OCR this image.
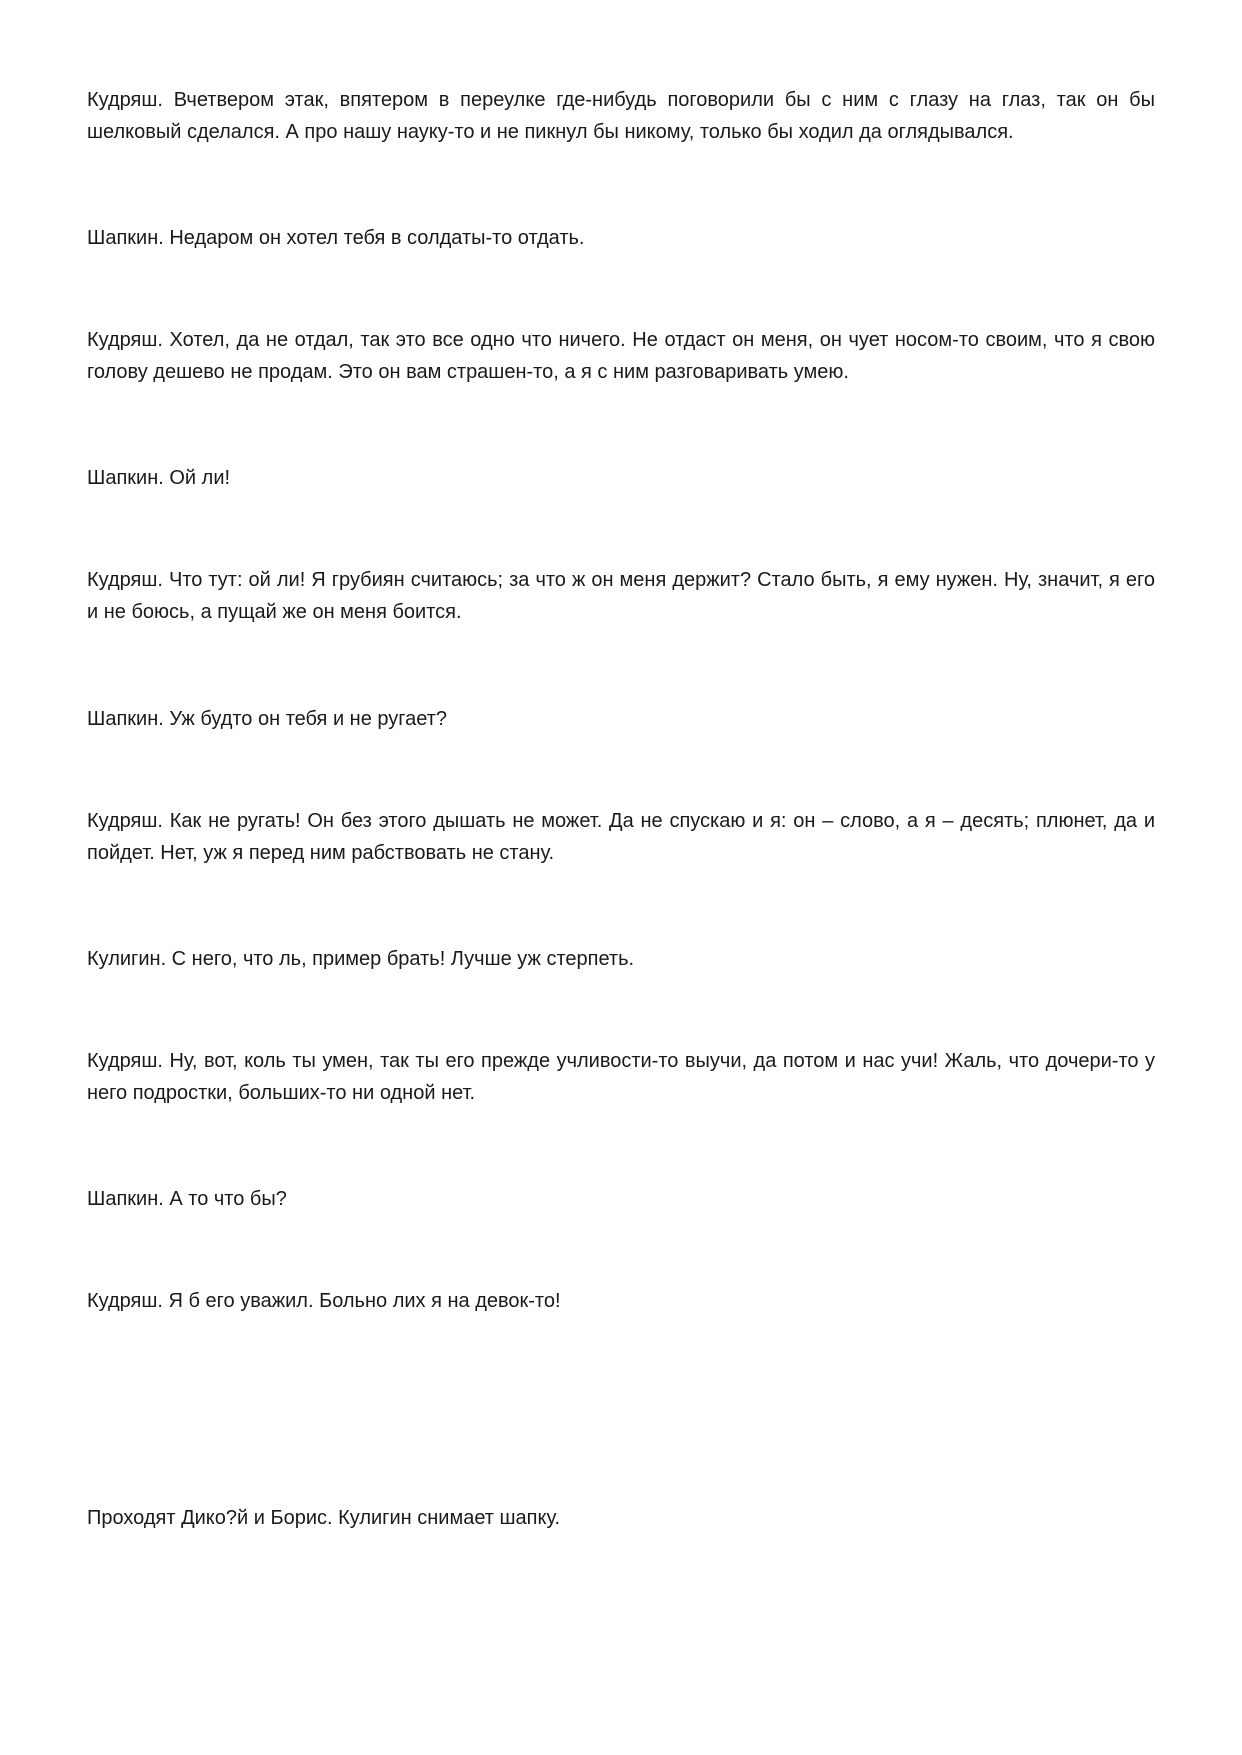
Кудряш. Вчетвером этак, впятером в переулке где-нибудь поговорили бы с ним с глазу на глаз, так он бы шелковый сделался. А про нашу науку-то и не пикнул бы никому, только бы ходил да оглядывался.

Шапкин. Недаром он хотел тебя в солдаты-то отдать.

Кудряш. Хотел, да не отдал, так это все одно что ничего. Не отдаст он меня, он чует носом-то своим, что я свою голову дешево не продам. Это он вам страшен-то, а я с ним разговаривать умею.

Шапкин. Ой ли!

Кудряш. Что тут: ой ли! Я грубиян считаюсь; за что ж он меня держит? Стало быть, я ему нужен. Ну, значит, я его и не боюсь, а пущай же он меня боится.

Шапкин. Уж будто он тебя и не ругает?

Кудряш. Как не ругать! Он без этого дышать не может. Да не спускаю и я: он – слово, а я – десять; плюнет, да и пойдет. Нет, уж я перед ним рабствовать не стану.

Кулигин. С него, что ль, пример брать! Лучше уж стерпеть.

Кудряш. Ну, вот, коль ты умен, так ты его прежде учливости-то выучи, да потом и нас учи! Жаль, что дочери-то у него подростки, больших-то ни одной нет.

Шапкин. А то что бы?

Кудряш. Я б его уважил. Больно лих я на девок-то!

Проходят Дико?й и Борис. Кулигин снимает шапку.
